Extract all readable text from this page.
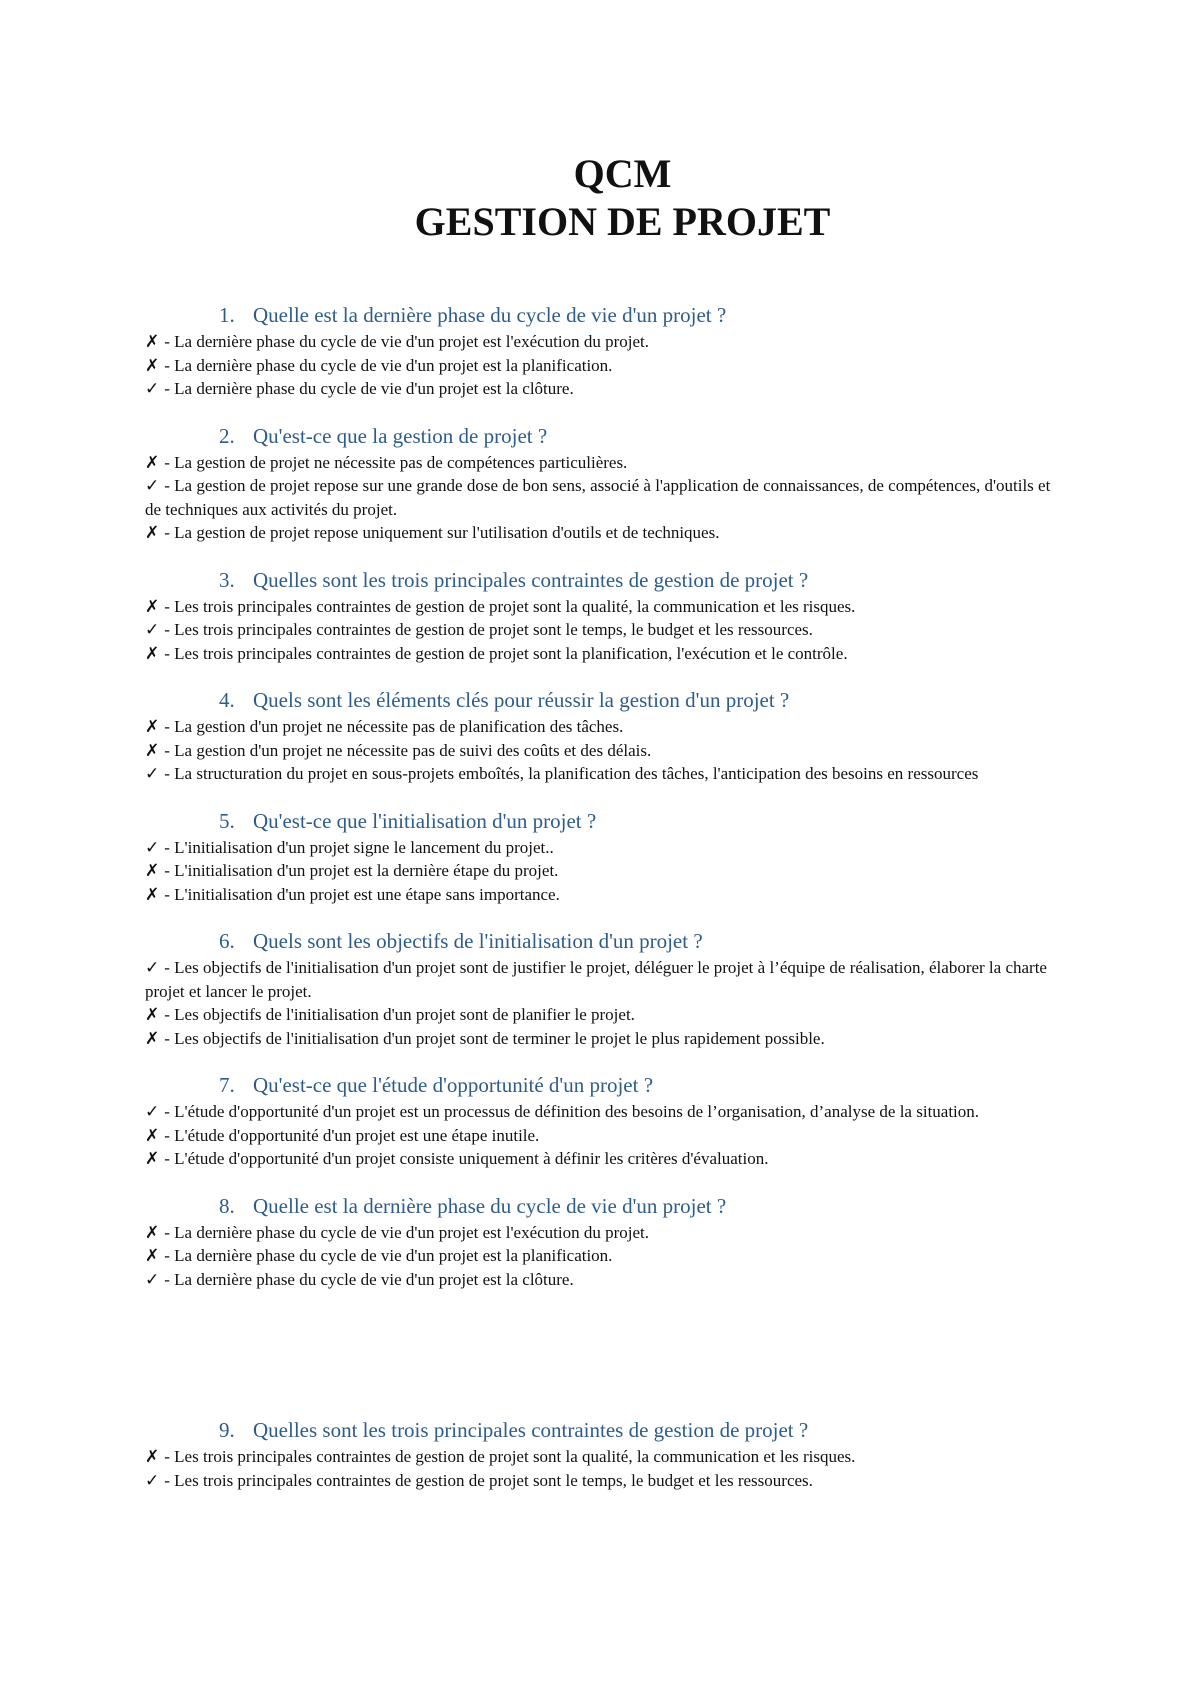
QCM
GESTION DE PROJET

1. Quelle est la dernière phase du cycle de vie d'un projet ?

✗ - La dernière phase du cycle de vie d'un projet est l'exécution du projet.

✗ - La dernière phase du cycle de vie d'un projet est la planification.

✓ - La dernière phase du cycle de vie d'un projet est la clôture.

2. Qu'est-ce que la gestion de projet ?

✗ - La gestion de projet ne nécessite pas de compétences particulières.

✓ - La gestion de projet repose sur une grande dose de bon sens, associé à l'application de connaissances, de compétences, d'outils et de techniques aux activités du projet.

✗ - La gestion de projet repose uniquement sur l'utilisation d'outils et de techniques.

3. Quelles sont les trois principales contraintes de gestion de projet ?

✗ - Les trois principales contraintes de gestion de projet sont la qualité, la communication et les risques.

✓ - Les trois principales contraintes de gestion de projet sont le temps, le budget et les ressources.

✗ - Les trois principales contraintes de gestion de projet sont la planification, l'exécution et le contrôle.

4. Quels sont les éléments clés pour réussir la gestion d'un projet ?

✗ - La gestion d'un projet ne nécessite pas de planification des tâches.

✗ - La gestion d'un projet ne nécessite pas de suivi des coûts et des délais.

✓ - La structuration du projet en sous-projets emboîtés, la planification des tâches, l'anticipation des besoins en ressources

5. Qu'est-ce que l'initialisation d'un projet ?

✓ - L'initialisation d'un projet signe le lancement du projet..

✗ - L'initialisation d'un projet est la dernière étape du projet.

✗ - L'initialisation d'un projet est une étape sans importance.

6. Quels sont les objectifs de l'initialisation d'un projet ?

✓ - Les objectifs de l'initialisation d'un projet sont de justifier le projet, déléguer le projet à l’équipe de réalisation, élaborer la charte projet et lancer le projet.

✗ - Les objectifs de l'initialisation d'un projet sont de planifier le projet.

✗ - Les objectifs de l'initialisation d'un projet sont de terminer le projet le plus rapidement possible.

7. Qu'est-ce que l'étude d'opportunité d'un projet ?

✓ - L'étude d'opportunité d'un projet est un processus de définition des besoins de l’organisation, d’analyse de la situation.

✗ - L'étude d'opportunité d'un projet est une étape inutile.

✗ - L'étude d'opportunité d'un projet consiste uniquement à définir les critères d'évaluation.

8. Quelle est la dernière phase du cycle de vie d'un projet ?

✗ - La dernière phase du cycle de vie d'un projet est l'exécution du projet.

✗ - La dernière phase du cycle de vie d'un projet est la planification.

✓ - La dernière phase du cycle de vie d'un projet est la clôture.

9. Quelles sont les trois principales contraintes de gestion de projet ?

✗ - Les trois principales contraintes de gestion de projet sont la qualité, la communication et les risques.

✓ - Les trois principales contraintes de gestion de projet sont le temps, le budget et les ressources.
